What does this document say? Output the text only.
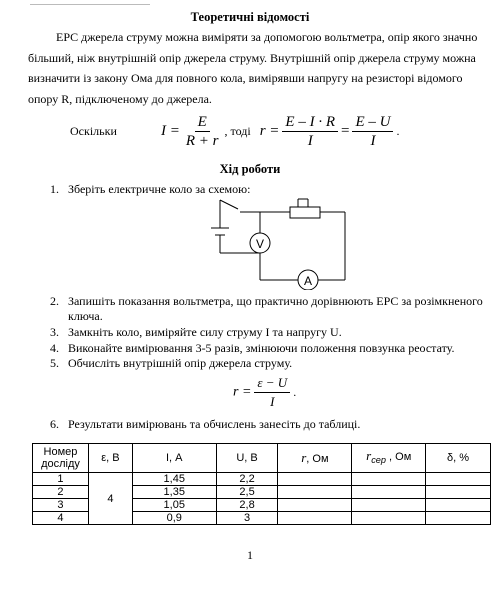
Теоретичні відомості
ЕРС джерела струму можна виміряти за допомогою вольтметра, опір якого значно
більший, ніж внутрішній опір джерела струму. Внутрішній опір джерела струму можна
визначити із закону Ома для повного кола, вимірявши напругу на резисторі відомого
опору R, підключеному до джерела.
Оскільки	$I = \frac{E}{R + r}$ , тоді $r = \frac{E - I \cdot R}{I} = \frac{E - U}{I}$ .
Хід роботи
1. Зберіть електричне коло за схемою:
V
A
2. Запишіть показання вольтметра, що практично дорівнюють ЕРС за розімкненого
ключа.
3. Замкніть коло, виміряйте силу струму I та напругу U.
4. Виконайте вимірювання 3-5 разів, змінюючи положення повзунка реостату.
5. Обчисліть внутрішній опір джерела струму.
$r = \frac{\varepsilon - U}{I}$ .
6. Результати вимірювань та обчислень занесіть до таблиці.
Номер
досліду	ε, В	I, А	U, В	r, Ом	$r_{сер}$ , Ом	δ, %
1	4	1,45	2,2			
2		1,35	2,5			
3		1,05	2,8			
4		0,9	3			
1
